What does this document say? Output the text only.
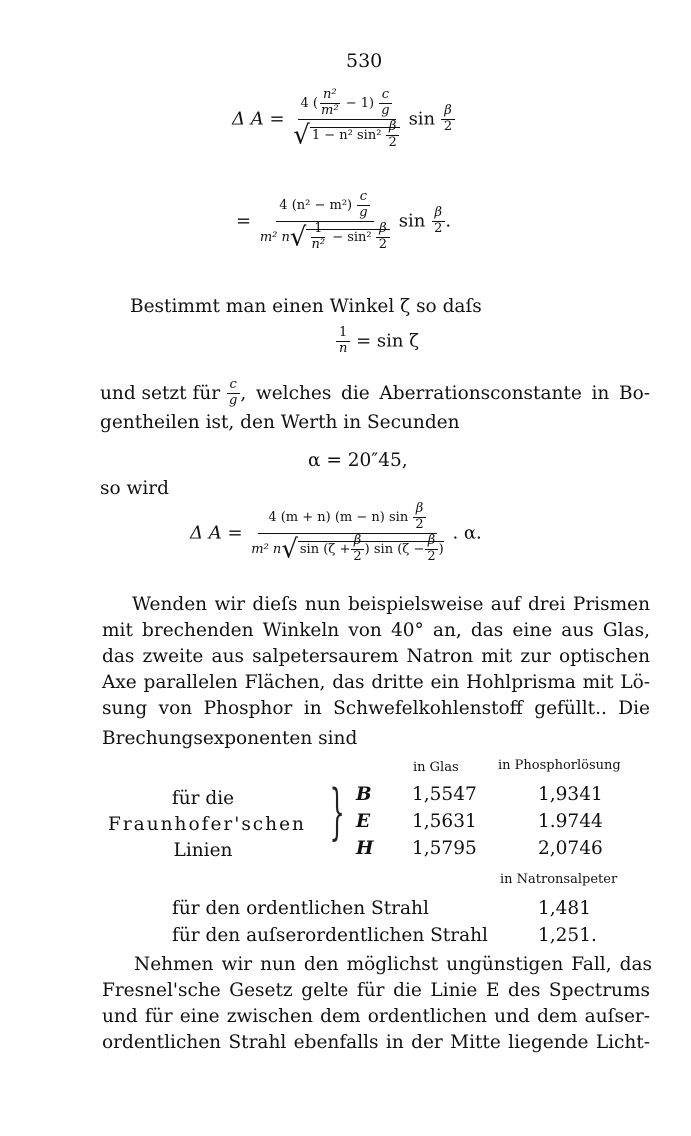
530
Δ $A = \frac{4 ( \frac{\text{n²}}{\text{m²}} - 1) \frac{c}{g}}{√ 1 - n^2 \sin^2 \frac{\beta}{2}}$ $\sin \frac{\beta}{2}$
= $\frac{4 (n^2 - m^2) \frac{c}{g}}{m^2 n√ \frac{1}{\text{n²}} - \sin^2 \frac{\beta}{2}}$ $\sin \frac{\beta}{2}$ .
Bestimmt man einen Winkel ζ so daſs
$\frac{1}{n} = \sin \zeta$
und setzt für
$\frac{c}{g}$ , welches die Aberrationsconstante in Bo-
gentheilen ist, den Werth in Secunden
α = 20″45,
so wird
Δ $A = \frac{4 (m + n) (m - n) \sin \frac{\beta}{2}}{m^2 n√ \sin (\zeta + \frac{\beta}{2} ) \sin (\zeta - \frac{\beta}{2} )}$ . α.
Wenden wir dieſs nun beispielsweise auf drei Prismen
mit brechenden Winkeln von 40° an, das eine aus Glas,
das zweite aus salpetersaurem Natron mit zur optischen
Axe parallelen Flächen, das dritte ein Hohlprisma mit Lö-
sung von Phosphor in Schwefelkohlenstoff gefüllt.. Die
Brechungsexponenten sind
in Glas	in Phosphorlösung
für die
Fraunhofer'schen
Linien
} B 1,5547	1,9341
E 1,5631	1.9744
H 1,5795	2,0746
in Natronsalpeter
für den ordentlichen Strahl	1,481
für den auſserordentlichen Strahl	1,251.
Nehmen wir nun den möglichst ungünstigen Fall, das
Fresnel'sche Gesetz gelte für die Linie E des Spectrums
und für eine zwischen dem ordentlichen und dem auſser-
ordentlichen Strahl ebenfalls in der Mitte liegende Licht-
